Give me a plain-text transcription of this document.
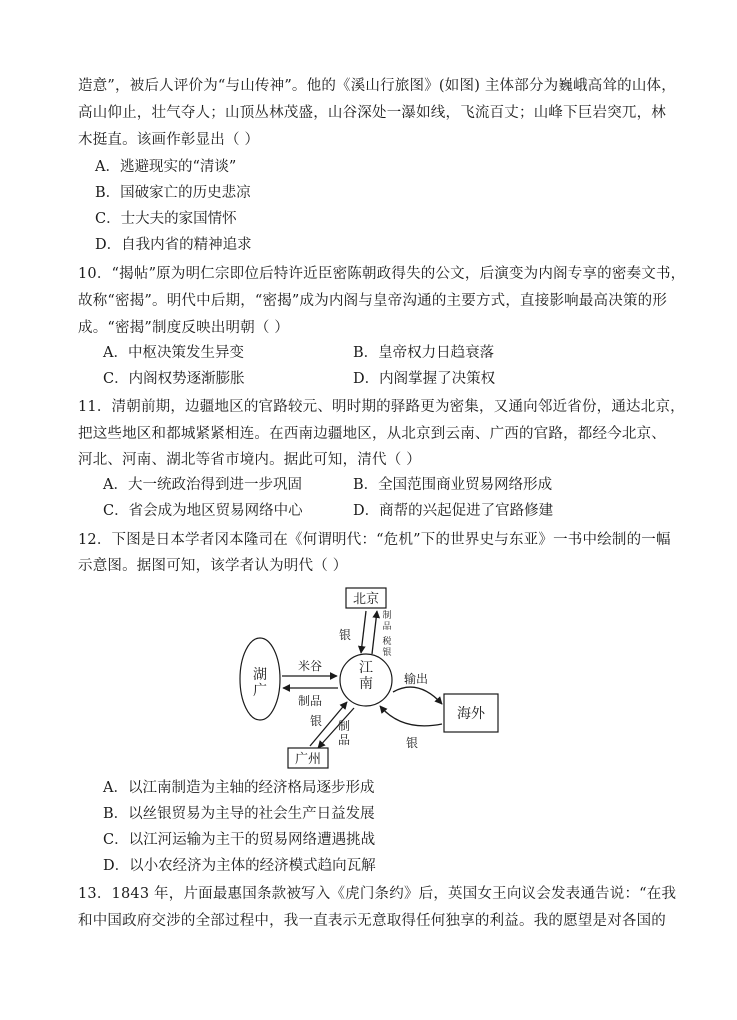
造意”，被后人评价为“与山传神”。他的《溪山行旅图》(如图) 主体部分为巍峨高耸的山体，
高山仰止，壮气夺人；山顶丛林茂盛，山谷深处一瀑如线，飞流百丈；山峰下巨岩突兀，林
木挺直。该画作彰显出（ ）
A．逃避现实的“清谈”
B．国破家亡的历史悲凉
C．士大夫的家国情怀
D．自我内省的精神追求
10．“揭帖”原为明仁宗即位后特许近臣密陈朝政得失的公文，后演变为内阁专享的密奏文书，
故称“密揭”。明代中后期，“密揭”成为内阁与皇帝沟通的主要方式，直接影响最高决策的形
成。“密揭”制度反映出明朝（ ）
A．中枢决策发生异变	B．皇帝权力日趋衰落
C．内阁权势逐渐膨胀	D．内阁掌握了决策权
11．清朝前期，边疆地区的官路较元、明时期的驿路更为密集，又通向邻近省份，通达北京，
把这些地区和都城紧紧相连。在西南边疆地区，从北京到云南、广西的官路，都经今北京、
河北、河南、湖北等省市境内。据此可知，清代（ ）
A．大一统政治得到进一步巩固	B．全国范围商业贸易网络形成
C．省会成为地区贸易网络中心	D．商帮的兴起促进了官路修建
12．下图是日本学者冈本隆司在《何谓明代：“危机”下的世界史与东亚》一书中绘制的一幅
示意图。据图可知，该学者认为明代（ ）
北京
湖广
江南
海外
广州
银
制品
税银
米谷
制品
银 制品
输出
银
A．以江南制造为主轴的经济格局逐步形成
B．以丝银贸易为主导的社会生产日益发展
C．以江河运输为主干的贸易网络遭遇挑战
D．以小农经济为主体的经济模式趋向瓦解
13．1843 年，片面最惠国条款被写入《虎门条约》后，英国女王向议会发表通告说：“在我
和中国政府交涉的全部过程中，我一直表示无意取得任何独享的利益。我的愿望是对各国的
